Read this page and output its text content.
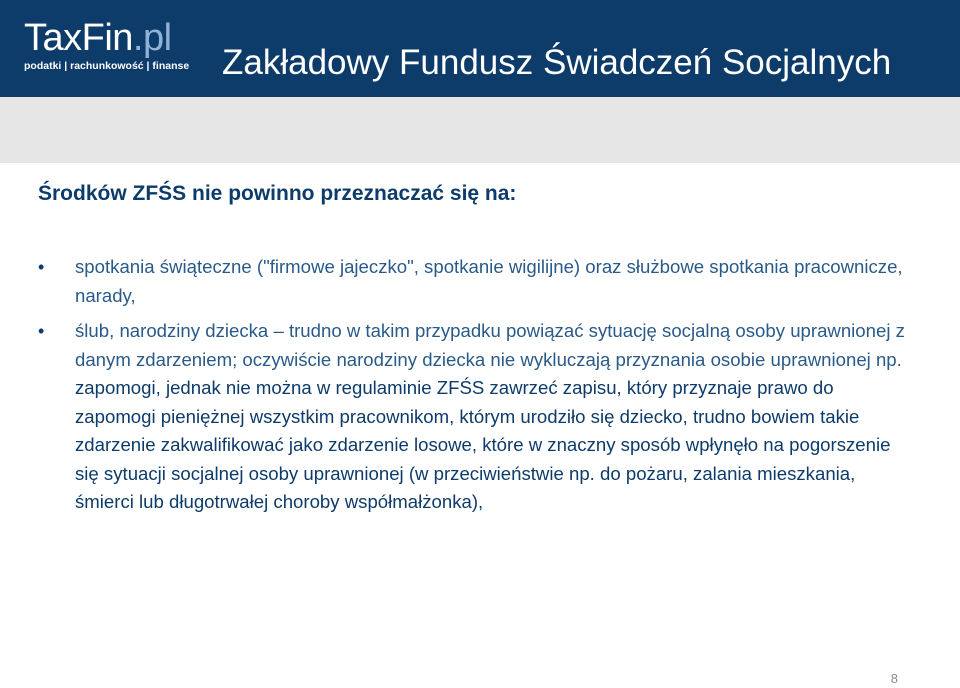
TaxFin.pl
podatki | rachunkowość | finanse Zakładowy Fundusz Świadczeń Socjalnych
Środków ZFŚS nie powinno przeznaczać się na:
• spotkania świąteczne ("firmowe jajeczko", spotkanie wigilijne) oraz służbowe spotkania pracownicze, narady,
• ślub, narodziny dziecka – trudno w takim przypadku powiązać sytuację socjalną osoby uprawnionej z danym zdarzeniem; oczywiście narodziny dziecka nie wykluczają przyznania osobie uprawnionej np. zapomogi, jednak nie można w regulaminie ZFŚS zawrzeć zapisu, który przyznaje prawo do zapomogi pieniężnej wszystkim pracownikom, którym urodziło się dziecko, trudno bowiem takie zdarzenie zakwalifikować jako zdarzenie losowe, które w znaczny sposób wpłynęło na pogorszenie się sytuacji socjalnej osoby uprawnionej (w przeciwieństwie np. do pożaru, zalania mieszkania, śmierci lub długotrwałej choroby współmałżonka),
8
